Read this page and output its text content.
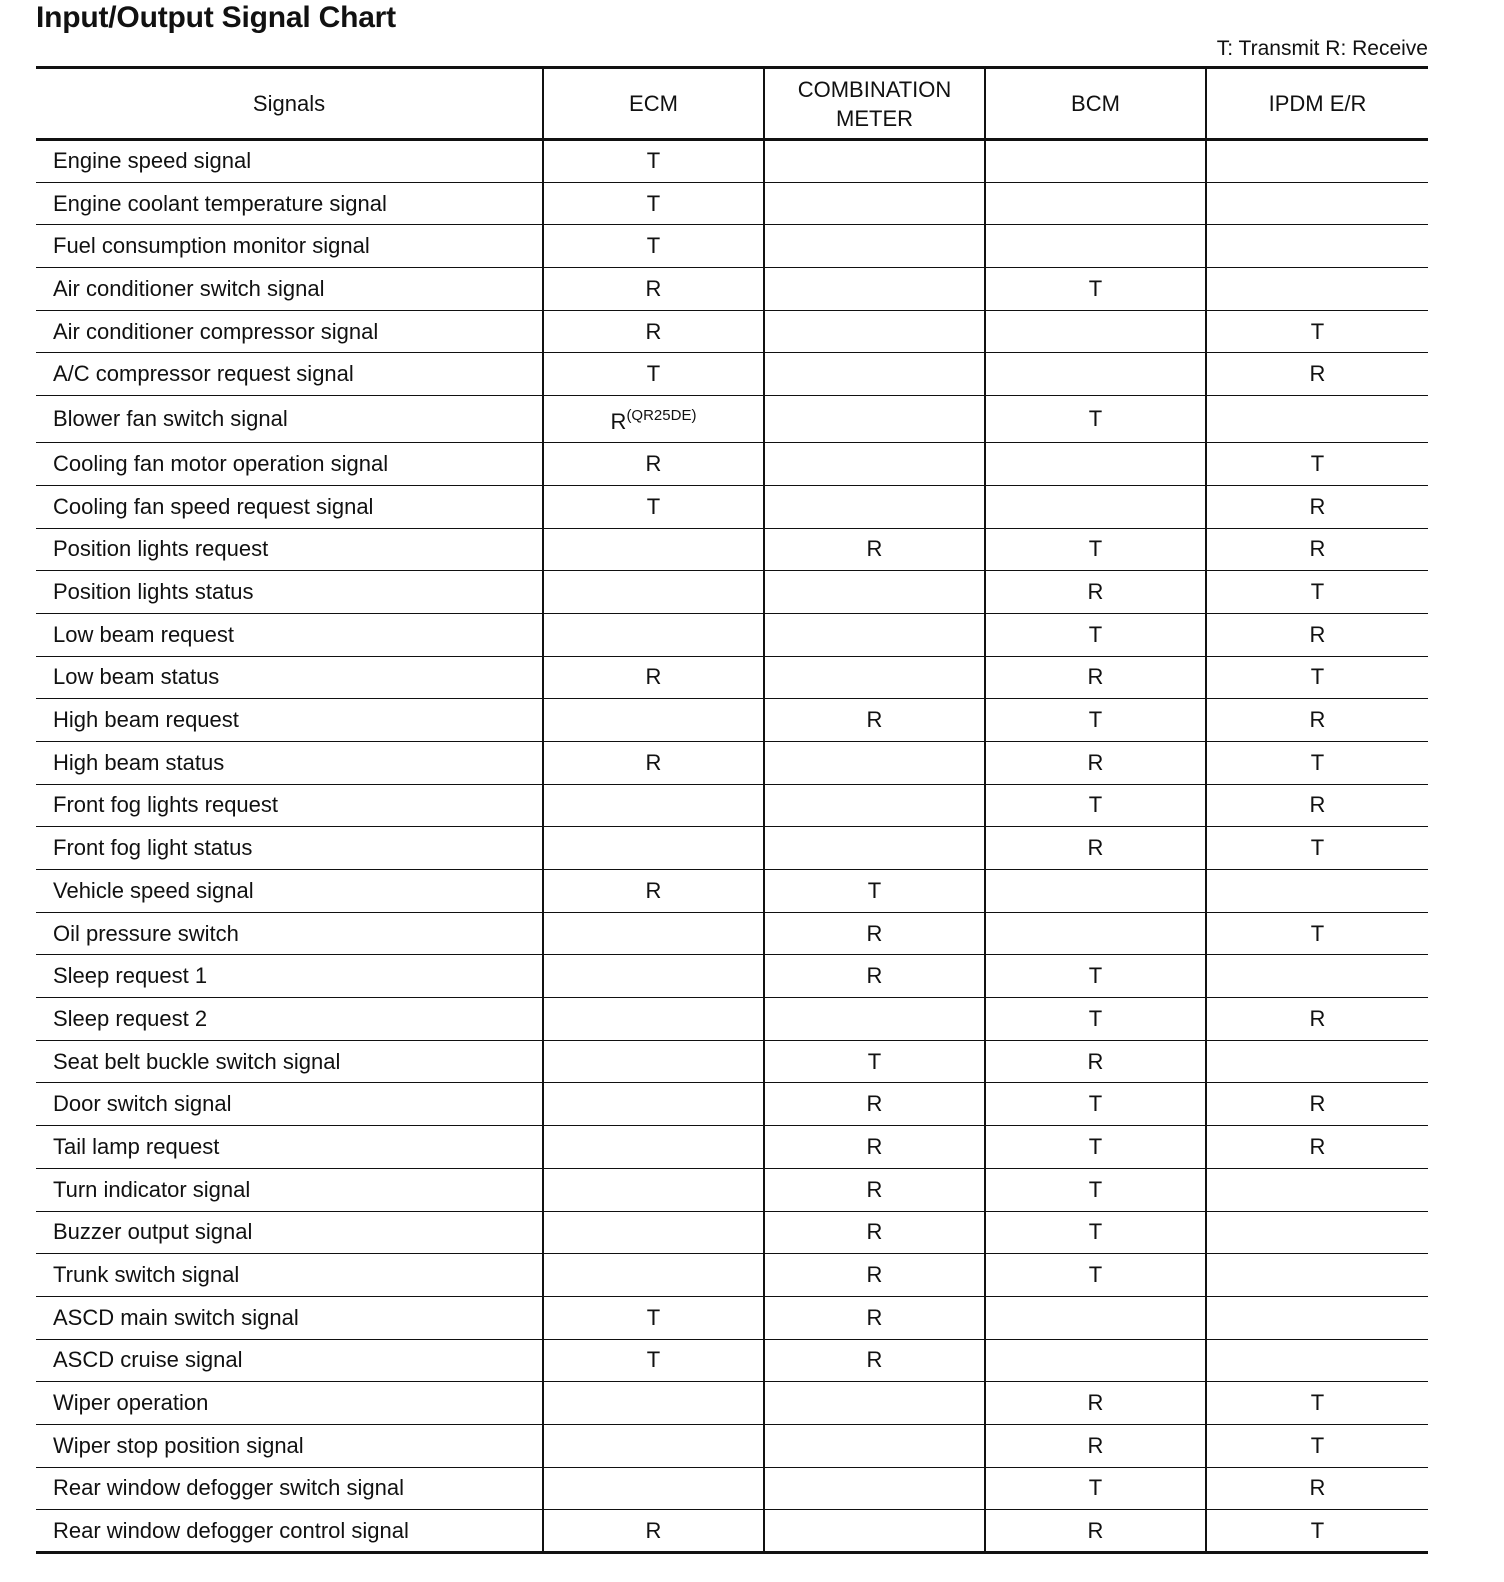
Input/Output Signal Chart
T: Transmit R: Receive
Signals	ECM	COMBINATION
METER	BCM	IPDM E/R
Engine speed signal	T			
Engine coolant temperature signal	T			
Fuel consumption monitor signal	T			
Air conditioner switch signal	R		T	
Air conditioner compressor signal	R			T
A/C compressor request signal	T			R
Blower fan switch signal	$R^{(QR25DE)}$		T	
Cooling fan motor operation signal	R			T
Cooling fan speed request signal	T			R
Position lights request		R	T	R
Position lights status			R	T
Low beam request			T	R
Low beam status	R		R	T
High beam request		R	T	R
High beam status	R		R	T
Front fog lights request			T	R
Front fog light status			R	T
Vehicle speed signal	R	T		
Oil pressure switch		R		T
Sleep request 1		R	T	
Sleep request 2			T	R
Seat belt buckle switch signal		T	R	
Door switch signal		R	T	R
Tail lamp request		R	T	R
Turn indicator signal		R	T	
Buzzer output signal		R	T	
Trunk switch signal		R	T	
ASCD main switch signal	T	R		
ASCD cruise signal	T	R		
Wiper operation			R	T
Wiper stop position signal			R	T
Rear window defogger switch signal			T	R
Rear window defogger control signal	R		R	T
